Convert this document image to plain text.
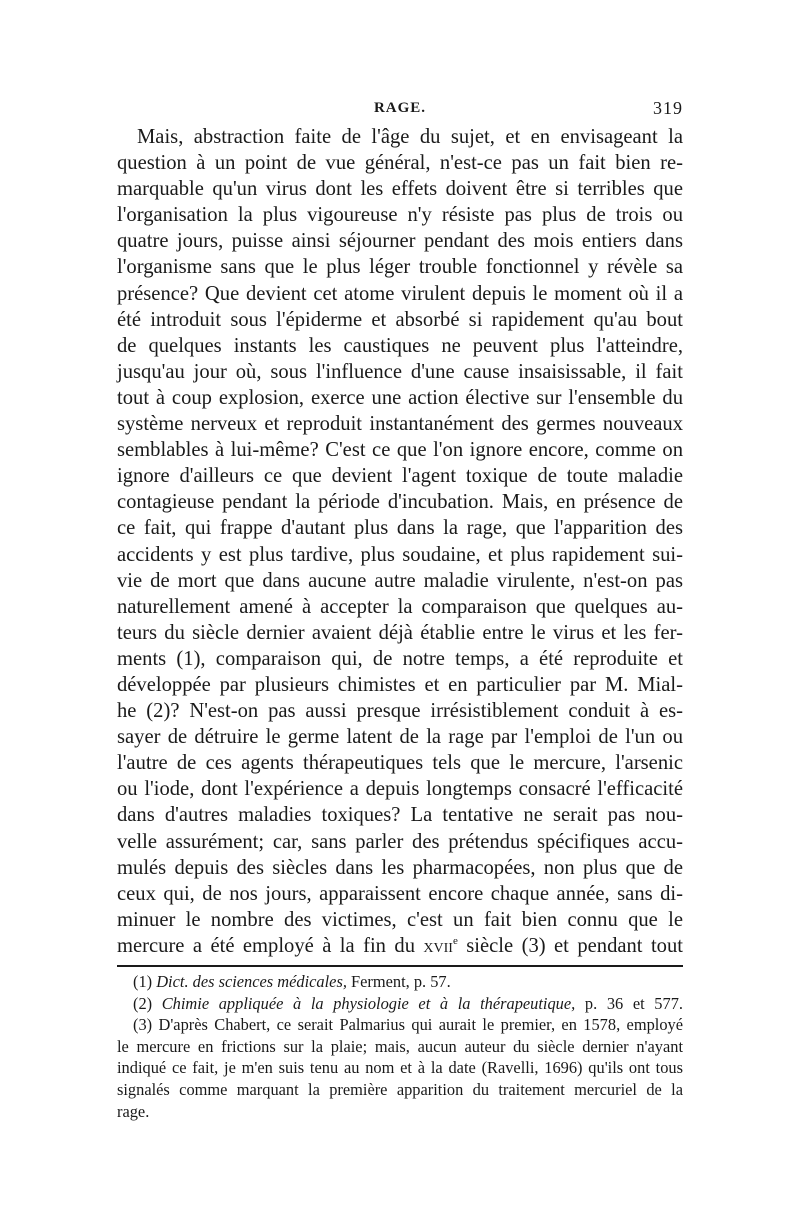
RAGE.	319
Mais, abstraction faite de l'âge du sujet, et en envisageant la
question à un point de vue général, n'est-ce pas un fait bien re-
marquable qu'un virus dont les effets doivent être si terribles que
l'organisation la plus vigoureuse n'y résiste pas plus de trois ou
quatre jours, puisse ainsi séjourner pendant des mois entiers dans
l'organisme sans que le plus léger trouble fonctionnel y révèle sa
présence? Que devient cet atome virulent depuis le moment où il a
été introduit sous l'épiderme et absorbé si rapidement qu'au bout
de quelques instants les caustiques ne peuvent plus l'atteindre,
jusqu'au jour où, sous l'influence d'une cause insaisissable, il fait
tout à coup explosion, exerce une action élective sur l'ensemble du
système nerveux et reproduit instantanément des germes nouveaux
semblables à lui-même? C'est ce que l'on ignore encore, comme on
ignore d'ailleurs ce que devient l'agent toxique de toute maladie
contagieuse pendant la période d'incubation. Mais, en présence de
ce fait, qui frappe d'autant plus dans la rage, que l'apparition des
accidents y est plus tardive, plus soudaine, et plus rapidement sui-
vie de mort que dans aucune autre maladie virulente, n'est-on pas
naturellement amené à accepter la comparaison que quelques au-
teurs du siècle dernier avaient déjà établie entre le virus et les fer-
ments (1), comparaison qui, de notre temps, a été reproduite et
développée par plusieurs chimistes et en particulier par M. Mial-
he (2)? N'est-on pas aussi presque irrésistiblement conduit à es-
sayer de détruire le germe latent de la rage par l'emploi de l'un ou
l'autre de ces agents thérapeutiques tels que le mercure, l'arsenic
ou l'iode, dont l'expérience a depuis longtemps consacré l'efficacité
dans d'autres maladies toxiques? La tentative ne serait pas nou-
velle assurément; car, sans parler des prétendus spécifiques accu-
mulés depuis des siècles dans les pharmacopées, non plus que de
ceux qui, de nos jours, apparaissent encore chaque année, sans di-
minuer le nombre des victimes, c'est un fait bien connu que le
mercure a été employé à la fin du xvii$^e$ siècle (3) et pendant tout
(1) Dict. des sciences médicales, Ferment, p. 57.
(2) Chimie appliquée à la physiologie et à la thérapeutique, p. 36 et 577.
(3) D'après Chabert, ce serait Palmarius qui aurait le premier, en 1578, employé
le mercure en frictions sur la plaie; mais, aucun auteur du siècle dernier n'ayant
indiqué ce fait, je m'en suis tenu au nom et à la date (Ravelli, 1696) qu'ils ont tous
signalés comme marquant la première apparition du traitement mercuriel de la
rage.
